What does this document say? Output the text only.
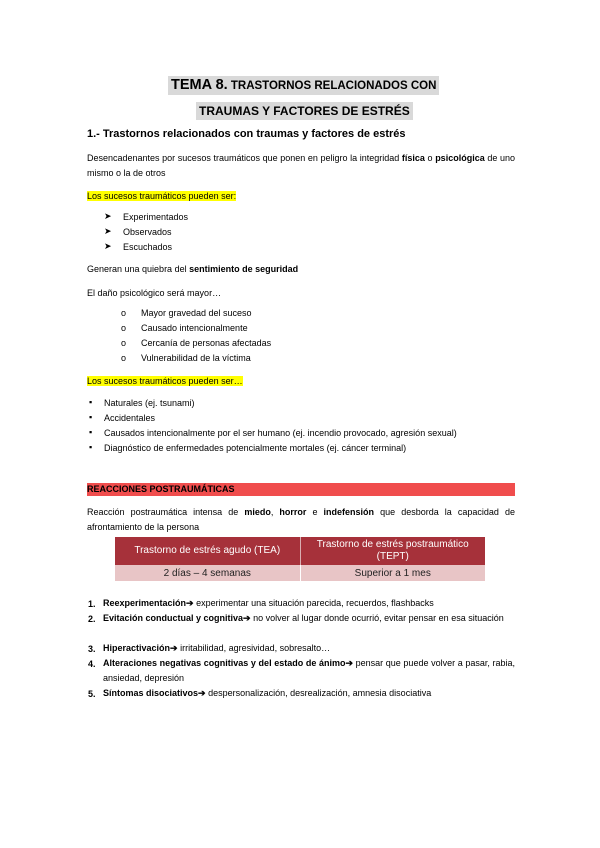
TEMA 8. TRASTORNOS RELACIONADOS CON
TRAUMAS Y FACTORES DE ESTRÉS
1.- Trastornos relacionados con traumas y factores de estrés
Desencadenantes por sucesos traumáticos que ponen en peligro la integridad física o psicológica de uno mismo o la de otros
Los sucesos traumáticos pueden ser:
➤ Experimentados
➤ Observados
➤ Escuchados
Generan una quiebra del sentimiento de seguridad
El daño psicológico será mayor…
o Mayor gravedad del suceso
o Causado intencionalmente
o Cercanía de personas afectadas
o Vulnerabilidad de la víctima
Los sucesos traumáticos pueden ser…
▪ Naturales (ej. tsunami)
▪ Accidentales
▪ Causados intencionalmente por el ser humano (ej. incendio provocado, agresión sexual)
▪ Diagnóstico de enfermedades potencialmente mortales (ej. cáncer terminal)
REACCIONES POSTRAUMÁTICAS
Reacción postraumática intensa de miedo, horror e indefensión que desborda la capacidad de afrontamiento de la persona
Trastorno de estrés agudo (TEA)	Trastorno de estrés postraumático (TEPT)
2 días – 4 semanas	Superior a 1 mes
1. Reexperimentación➔ experimentar una situación parecida, recuerdos, flashbacks
2. Evitación conductual y cognitiva➔ no volver al lugar donde ocurrió, evitar pensar en esa situación
3. Hiperactivación➔ irritabilidad, agresividad, sobresalto…
4. Alteraciones negativas cognitivas y del estado de ánimo➔ pensar que puede volver a pasar, rabia, ansiedad, depresión
5. Síntomas disociativos➔ despersonalización, desrealización, amnesia disociativa
